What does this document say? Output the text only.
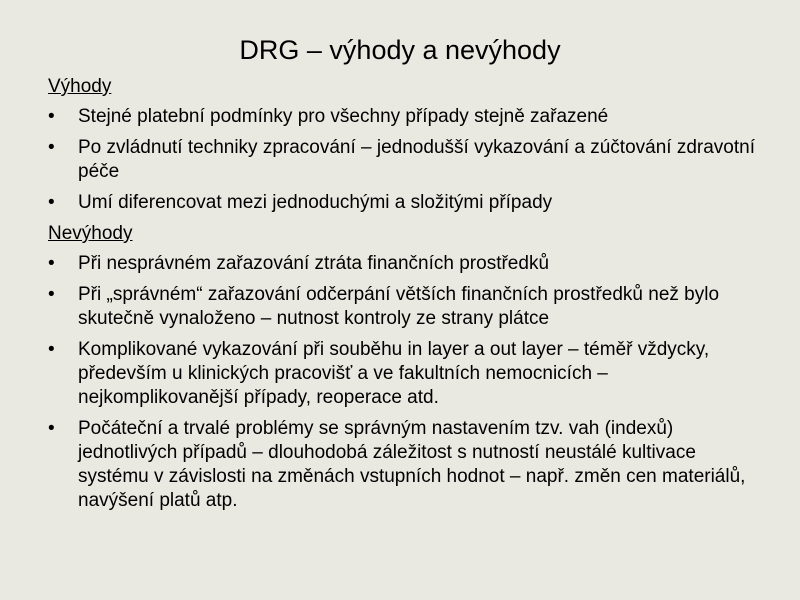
DRG – výhody a nevýhody
Výhody
• Stejné platební podmínky pro všechny případy stejně zařazené
• Po zvládnutí techniky zpracování – jednodušší vykazování a zúčtování zdravotní péče
• Umí diferencovat mezi jednoduchými a složitými případy
Nevýhody
• Při nesprávném zařazování ztráta finančních prostředků
• Při „správném“ zařazování odčerpání větších finančních prostředků než bylo skutečně vynaloženo – nutnost kontroly ze strany plátce
• Komplikované vykazování při souběhu in layer a out layer – téměř vždycky, především u klinických pracovišť a ve fakultních nemocnicích – nejkomplikovanější případy, reoperace atd.
• Počáteční a trvalé problémy se správným nastavením tzv. vah (indexů) jednotlivých případů – dlouhodobá záležitost s nutností neustálé kultivace systému v závislosti na změnách vstupních hodnot – např. změn cen materiálů, navýšení platů atp.
